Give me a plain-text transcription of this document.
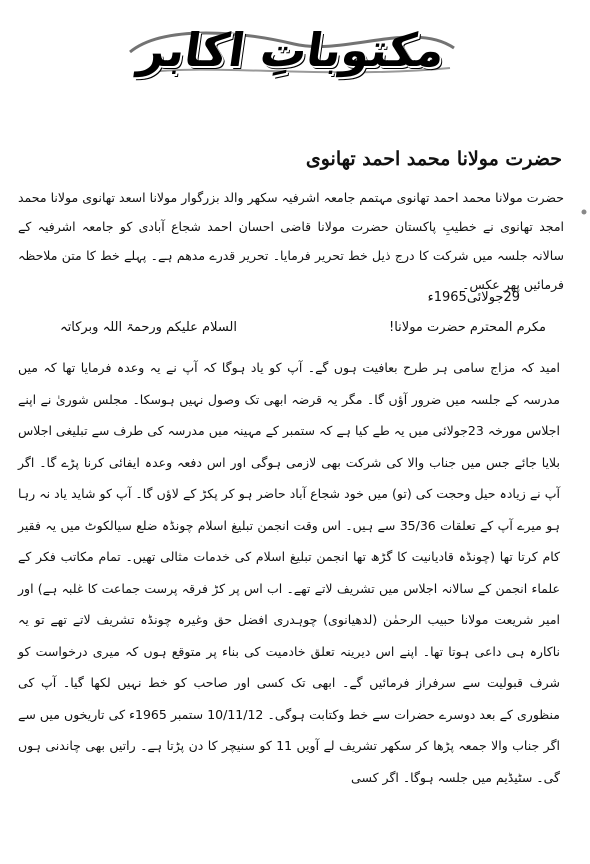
مکتوباتِ اکابر
حضرت مولانا محمد احمد تھانوی
حضرت مولانا محمد احمد تھانوی مہتمم جامعہ اشرفیہ سکھر والد بزرگوار مولانا اسعد تھانوی مولانا محمد امجد تھانوی نے خطیبِ پاکستان حضرت مولانا قاضی احسان احمد شجاع آبادی کو جامعہ اشرفیہ کے سالانہ جلسہ میں شرکت کا درج ذیل خط تحریر فرمایا۔ تحریر قدرے مدھم ہے۔ پہلے خط کا متن ملاحظہ فرمائیں پھر عکس۔
29جولائی1965ء
مکرم المحترم حضرت مولانا!
السلام علیکم ورحمۃ اللہ وبرکاتہ
امید کہ مزاج سامی ہر طرح بعافیت ہوں گے۔ آپ کو یاد ہوگا کہ آپ نے یہ وعدہ فرمایا تھا کہ میں مدرسہ کے جلسہ میں ضرور آؤں گا۔ مگر یہ قرضہ ابھی تک وصول نہیں ہوسکا۔ مجلس شوریٰ نے اپنے اجلاس مورخہ 23جولائی میں یہ طے کیا ہے کہ ستمبر کے مہینہ میں مدرسہ کی طرف سے تبلیغی اجلاس بلایا جائے جس میں جناب والا کی شرکت بھی لازمی ہوگی اور اس دفعہ وعدہ ایفائی کرنا پڑے گا۔ اگر آپ نے زیادہ حیل وحجت کی (تو) میں خود شجاع آباد حاضر ہو کر پکڑ کے لاؤں گا۔ آپ کو شاید یاد نہ رہا ہو میرے آپ کے تعلقات 35/36 سے ہیں۔ اس وقت انجمن تبلیغ اسلام چونڈہ ضلع سیالکوٹ میں یہ فقیر کام کرتا تھا (چونڈہ قادیانیت کا گڑھ تھا انجمن تبلیغ اسلام کی خدمات مثالی تھیں۔ تمام مکاتب فکر کے علماء انجمن کے سالانہ اجلاس میں تشریف لاتے تھے۔ اب اس پر کڑ فرقہ پرست جماعت کا غلبہ ہے) اور امیر شریعت مولانا حبیب الرحمٰن (لدھیانوی) چوہدری افضل حق وغیرہ چونڈہ تشریف لاتے تھے تو یہ ناکارہ ہی داعی ہوتا تھا۔ اپنے اس دیرینہ تعلق خادمیت کی بناء پر متوقع ہوں کہ میری درخواست کو شرف قبولیت سے سرفراز فرمائیں گے۔ ابھی تک کسی اور صاحب کو خط نہیں لکھا گیا۔ آپ کی منظوری کے بعد دوسرے حضرات سے خط وکتابت ہوگی۔ 10/11/12 ستمبر 1965ء کی تاریخوں میں سے اگر جناب والا جمعہ پڑھا کر سکھر تشریف لے آویں 11 کو سنیچر کا دن پڑتا ہے۔ راتیں بھی چاندنی ہوں گی۔ سٹیڈیم میں جلسہ ہوگا۔ اگر کسی
